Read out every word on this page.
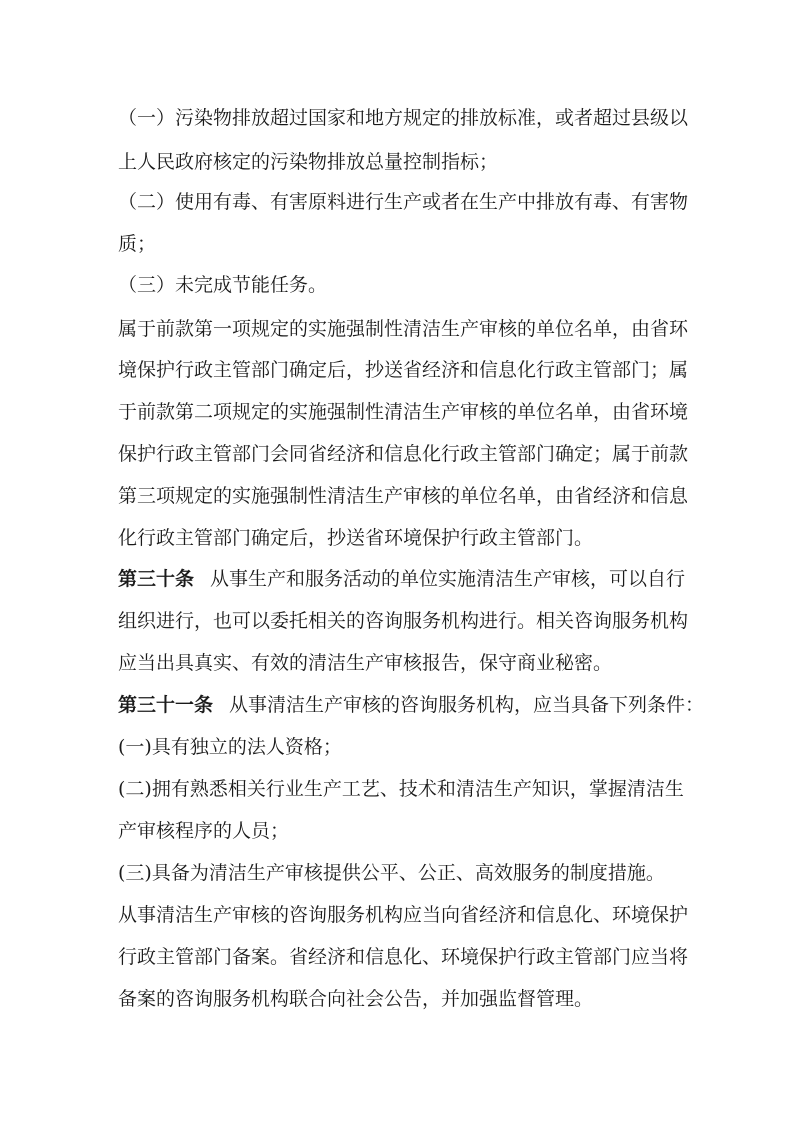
（一）污染物排放超过国家和地方规定的排放标准，或者超过县级以

上人民政府核定的污染物排放总量控制指标；

（二）使用有毒、有害原料进行生产或者在生产中排放有毒、有害物

质；

（三）未完成节能任务。

属于前款第一项规定的实施强制性清洁生产审核的单位名单，由省环

境保护行政主管部门确定后，抄送省经济和信息化行政主管部门；属

于前款第二项规定的实施强制性清洁生产审核的单位名单，由省环境

保护行政主管部门会同省经济和信息化行政主管部门确定；属于前款

第三项规定的实施强制性清洁生产审核的单位名单，由省经济和信息

化行政主管部门确定后，抄送省环境保护行政主管部门。

第三十条 从事生产和服务活动的单位实施清洁生产审核，可以自行

组织进行，也可以委托相关的咨询服务机构进行。相关咨询服务机构

应当出具真实、有效的清洁生产审核报告，保守商业秘密。

第三十一条 从事清洁生产审核的咨询服务机构，应当具备下列条件：

(一)具有独立的法人资格；

(二)拥有熟悉相关行业生产工艺、技术和清洁生产知识，掌握清洁生

产审核程序的人员；

(三)具备为清洁生产审核提供公平、公正、高效服务的制度措施。

从事清洁生产审核的咨询服务机构应当向省经济和信息化、环境保护

行政主管部门备案。省经济和信息化、环境保护行政主管部门应当将

备案的咨询服务机构联合向社会公告，并加强监督管理。
